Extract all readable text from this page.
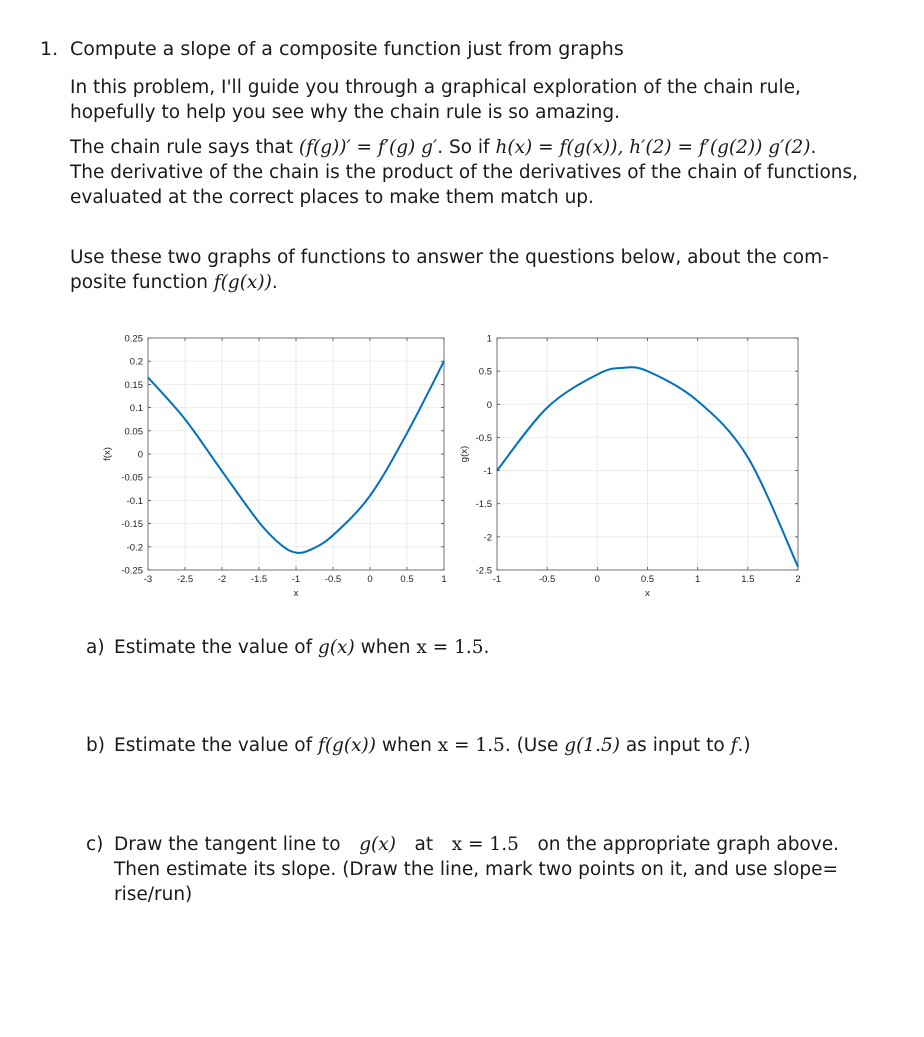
1. Compute a slope of a composite function just from graphs
In this problem, I'll guide you through a graphical exploration of the chain rule,
hopefully to help you see why the chain rule is so amazing.
The chain rule says that (f(g))′ = f′(g) g′. So if h(x) = f(g(x)), h′(2) = f′(g(2)) g′(2).
The derivative of the chain is the product of the derivatives of the chain of functions,
evaluated at the correct places to make them match up.
Use these two graphs of functions to answer the questions below, about the com-
posite function f(g(x)).
-3	-2.5	-2	-1.5	-1	-0.5	0	0.5	1
0.25
0.2
0.15
0.1
0.05
0
-0.05
-0.1
-0.15
-0.2
-0.25
x
f(x)
-1	-0.5	0	0.5	1	1.5	2
1
0.5
0
-0.5
-1
-1.5
-2
-2.5
x
g(x)
a) Estimate the value of g(x) when x = 1.5.
b) Estimate the value of f(g(x)) when x = 1.5. (Use g(1.5) as input to f.)
c) Draw the tangent line to g(x) at x = 1.5 on the appropriate graph above.
Then estimate its slope. (Draw the line, mark two points on it, and use slope=
rise/run)
